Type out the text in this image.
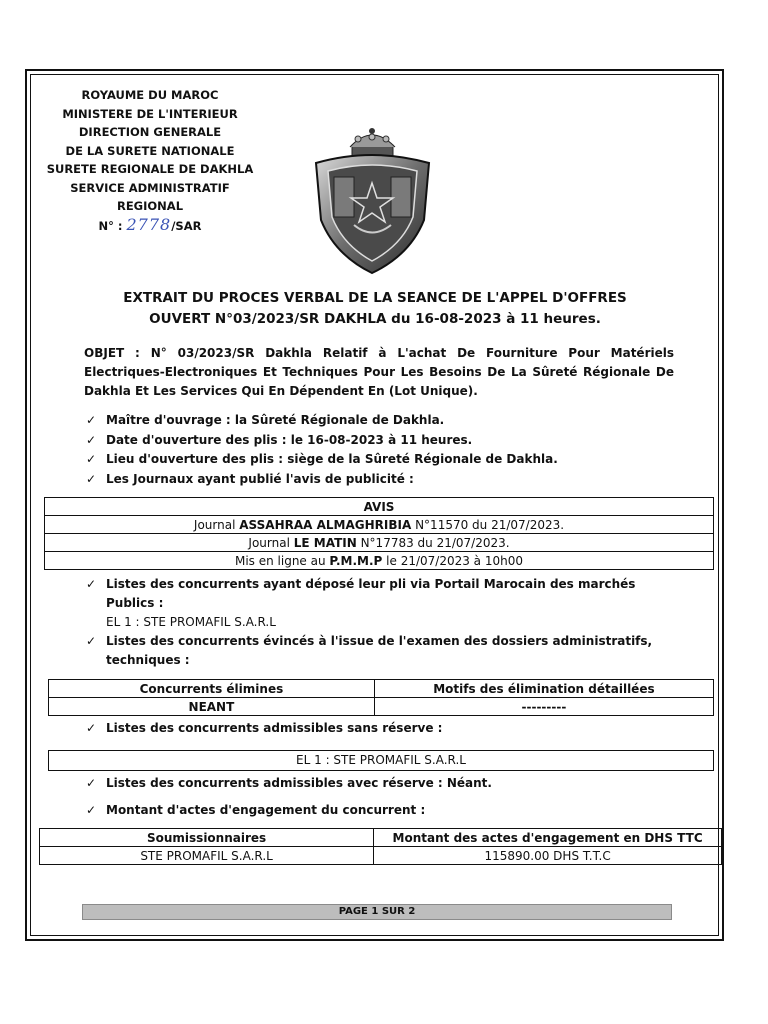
ROYAUME DU MAROC
MINISTERE DE L'INTERIEUR
DIRECTION GENERALE
DE LA SURETE NATIONALE
SURETE REGIONALE DE DAKHLA
SERVICE ADMINISTRATIF
REGIONAL
N° : 2778 /SAR
EXTRAIT DU PROCES VERBAL DE LA SEANCE DE L'APPEL D'OFFRES
OUVERT N°03/2023/SR DAKHLA du 16-08-2023 à 11 heures.
OBJET : N° 03/2023/SR Dakhla Relatif à L'achat De Fourniture Pour Matériels Electriques-Electroniques Et Techniques Pour Les Besoins De La Sûreté Régionale De Dakhla Et Les Services Qui En Dépendent En (Lot Unique).
✓ Maître d'ouvrage : la Sûreté Régionale de Dakhla.
✓ Date d'ouverture des plis : le 16-08-2023 à 11 heures.
✓ Lieu d'ouverture des plis : siège de la Sûreté Régionale de Dakhla.
✓ Les Journaux ayant publié l'avis de publicité :
AVIS
Journal ASSAHRAA ALMAGHRIBIA N°11570 du 21/07/2023.
Journal LE MATIN N°17783 du 21/07/2023.
Mis en ligne au P.M.M.P le 21/07/2023 à 10h00
✓ Listes des concurrents ayant déposé leur pli via Portail Marocain des marchés
Publics :
EL 1 : STE PROMAFIL S.A.R.L
✓ Listes des concurrents évincés à l'issue de l'examen des dossiers administratifs,
techniques :
Concurrents élimines	Motifs des élimination détaillées
NEANT	---------
✓ Listes des concurrents admissibles sans réserve :
EL 1 : STE PROMAFIL S.A.R.L
✓ Listes des concurrents admissibles avec réserve : Néant.
✓ Montant d'actes d'engagement du concurrent :
Soumissionnaires	Montant des actes d'engagement en DHS TTC
STE PROMAFIL S.A.R.L	115890.00 DHS T.T.C
PAGE 1 SUR 2
